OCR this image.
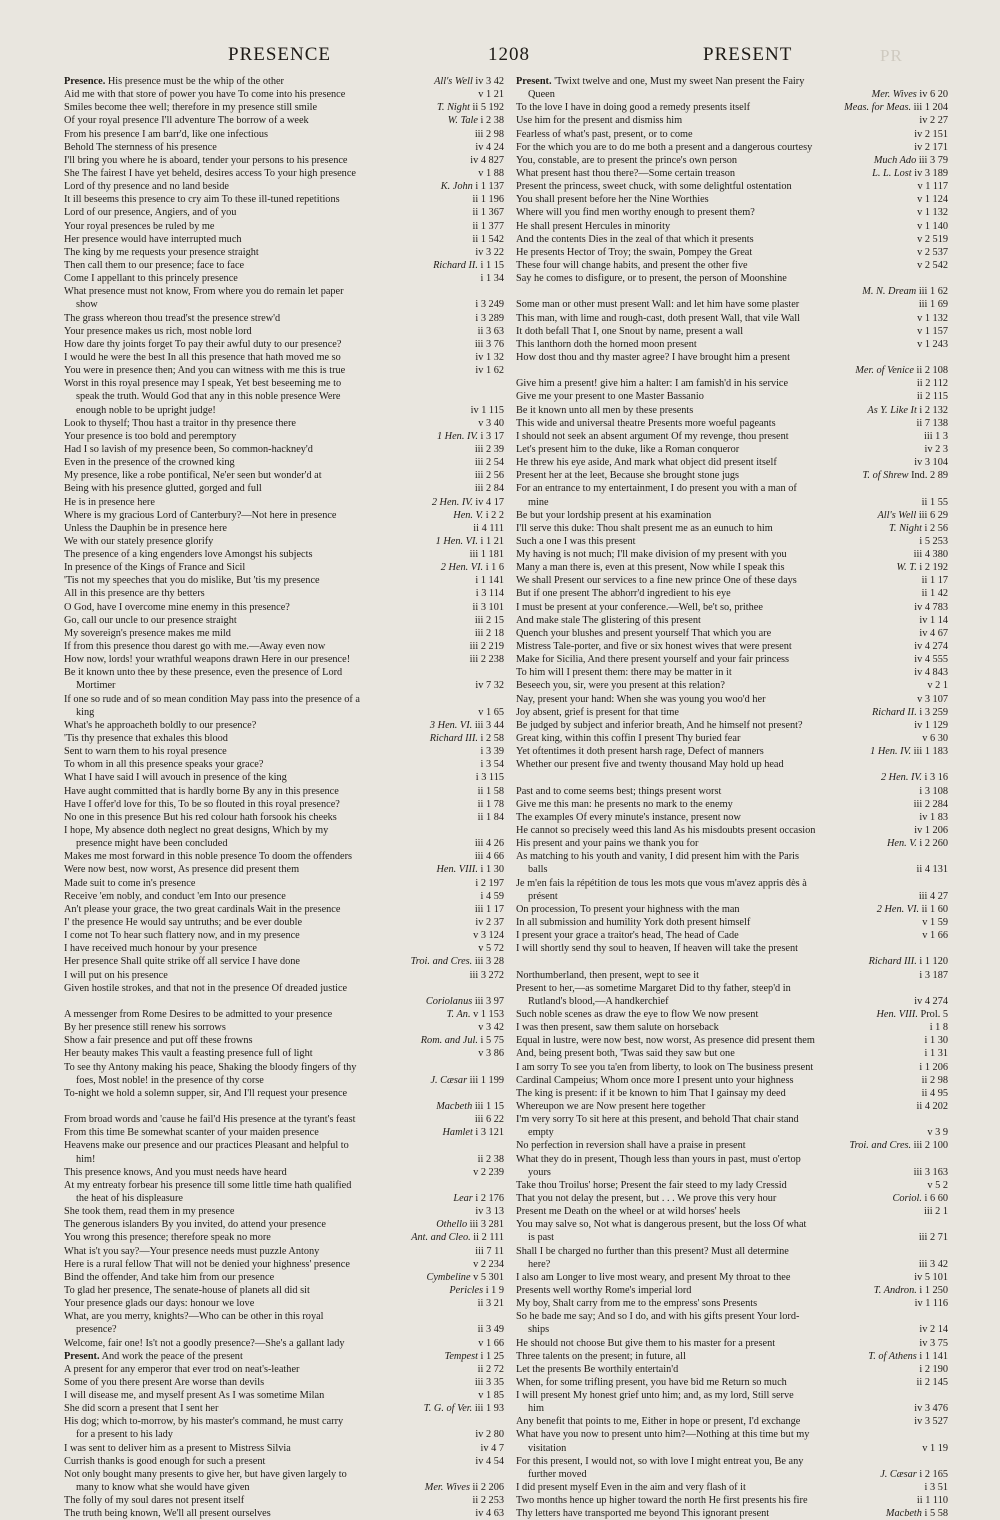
PRESENCE	1208	PRESENT	PR
Presence. His presence must be the whip of the other	All's Well iv 3 42
Aid me with that store of power you have To come into his presence	v 1 21
Smiles become thee well; therefore in my presence still smile	T. Night ii 5 192
Of your royal presence I'll adventure The borrow of a week	W. Tale i 2 38
From his presence I am barr'd, like one infectious	iii 2 98
Behold The sternness of his presence	iv 4 24
I'll bring you where he is aboard, tender your persons to his presence	iv 4 827
She The fairest I have yet beheld, desires access To your high presence	v 1 88
Lord of thy presence and no land beside	K. John i 1 137
It ill beseems this presence to cry aim To these ill-tuned repetitions	ii 1 196
Lord of our presence, Angiers, and of you	ii 1 367
Your royal presences be ruled by me	ii 1 377
Her presence would have interrupted much	ii 1 542
The king by me requests your presence straight	iv 3 22
Then call them to our presence; face to face	Richard II. i 1 15
Come I appellant to this princely presence	i 1 34
What presence must not know, From where you do remain let paper
show	i 3 249
The grass whereon thou tread'st the presence strew'd	i 3 289
Your presence makes us rich, most noble lord	ii 3 63
How dare thy joints forget To pay their awful duty to our presence?	iii 3 76
I would he were the best In all this presence that hath moved me so	iv 1 32
You were in presence then; And you can witness with me this is true	iv 1 62
Worst in this royal presence may I speak, Yet best beseeming me to
speak the truth. Would God that any in this noble presence Were
enough noble to be upright judge!	iv 1 115
Look to thyself; Thou hast a traitor in thy presence there	v 3 40
Your presence is too bold and peremptory	1 Hen. IV. i 3 17
Had I so lavish of my presence been, So common-hackney'd	iii 2 39
Even in the presence of the crowned king	iii 2 54
My presence, like a robe pontifical, Ne'er seen but wonder'd at	iii 2 56
Being with his presence glutted, gorged and full	iii 2 84
He is in presence here	2 Hen. IV. iv 4 17
Where is my gracious Lord of Canterbury?—Not here in presence	Hen. V. i 2 2
Unless the Dauphin be in presence here	ii 4 111
We with our stately presence glorify	1 Hen. VI. i 1 21
The presence of a king engenders love Amongst his subjects	iii 1 181
In presence of the Kings of France and Sicil	2 Hen. VI. i 1 6
'Tis not my speeches that you do mislike, But 'tis my presence	i 1 141
All in this presence are thy betters	i 3 114
O God, have I overcome mine enemy in this presence?	ii 3 101
Go, call our uncle to our presence straight	iii 2 15
My sovereign's presence makes me mild	iii 2 18
If from this presence thou darest go with me.—Away even now	iii 2 219
How now, lords! your wrathful weapons drawn Here in our presence!	iii 2 238
Be it known unto thee by these presence, even the presence of Lord
Mortimer	iv 7 32
If one so rude and of so mean condition May pass into the presence of a
king	v 1 65
What's he approacheth boldly to our presence?	3 Hen. VI. iii 3 44
'Tis thy presence that exhales this blood	Richard III. i 2 58
Sent to warn them to his royal presence	i 3 39
To whom in all this presence speaks your grace?	i 3 54
What I have said I will avouch in presence of the king	i 3 115
Have aught committed that is hardly borne By any in this presence	ii 1 58
Have I offer'd love for this, To be so flouted in this royal presence?	ii 1 78
No one in this presence But his red colour hath forsook his cheeks	ii 1 84
I hope, My absence doth neglect no great designs, Which by my
presence might have been concluded	iii 4 26
Makes me most forward in this noble presence To doom the offenders	iii 4 66
Were now best, now worst, As presence did present them	Hen. VIII. i 1 30
Made suit to come in's presence	i 2 197
Receive 'em nobly, and conduct 'em Into our presence	i 4 59
An't please your grace, the two great cardinals Wait in the presence	iii 1 17
I' the presence He would say untruths; and be ever double	iv 2 37
I come not To hear such flattery now, and in my presence	v 3 124
I have received much honour by your presence	v 5 72
Her presence Shall quite strike off all service I have done	Troi. and Cres. iii 3 28
I will put on his presence	iii 3 272
Given hostile strokes, and that not in the presence Of dreaded justice
Coriolanus iii 3 97
A messenger from Rome Desires to be admitted to your presence	T. An. v 1 153
By her presence still renew his sorrows	v 3 42
Show a fair presence and put off these frowns	Rom. and Jul. i 5 75
Her beauty makes This vault a feasting presence full of light	v 3 86
To see thy Antony making his peace, Shaking the bloody fingers of thy
foes, Most noble! in the presence of thy corse	J. Cæsar iii 1 199
To-night we hold a solemn supper, sir, And I'll request your presence
Macbeth iii 1 15
From broad words and 'cause he fail'd His presence at the tyrant's feast	iii 6 22
From this time Be somewhat scanter of your maiden presence	Hamlet i 3 121
Heavens make our presence and our practices Pleasant and helpful to
him!	ii 2 38
This presence knows, And you must needs have heard	v 2 239
At my entreaty forbear his presence till some little time hath qualified
the heat of his displeasure	Lear i 2 176
She took them, read them in my presence	iv 3 13
The generous islanders By you invited, do attend your presence	Othello iii 3 281
You wrong this presence; therefore speak no more	Ant. and Cleo. ii 2 111
What is't you say?—Your presence needs must puzzle Antony	iii 7 11
Here is a rural fellow That will not be denied your highness' presence	v 2 234
Bind the offender, And take him from our presence	Cymbeline v 5 301
To glad her presence, The senate-house of planets all did sit	Pericles i 1 9
Your presence glads our days: honour we love	ii 3 21
What, are you merry, knights?—Who can be other in this royal
presence?	ii 3 49
Welcome, fair one! Is't not a goodly presence?—She's a gallant lady	v 1 66
Present. And work the peace of the present	Tempest i 1 25
A present for any emperor that ever trod on neat's-leather	ii 2 72
Some of you there present Are worse than devils	iii 3 35
I will disease me, and myself present As I was sometime Milan	v 1 85
She did scorn a present that I sent her	T. G. of Ver. iii 1 93
His dog; which to-morrow, by his master's command, he must carry
for a present to his lady	iv 2 80
I was sent to deliver him as a present to Mistress Silvia	iv 4 7
Currish thanks is good enough for such a present	iv 4 54
Not only bought many presents to give her, but have given largely to
many to know what she would have given	Mer. Wives ii 2 206
The folly of my soul dares not present itself	ii 2 253
The truth being known, We'll all present ourselves	iv 4 63
Present. 'Twixt twelve and one, Must my sweet Nan present the Fairy
Queen	Mer. Wives iv 6 20
To the love I have in doing good a remedy presents itself	Meas. for Meas. iii 1 204
Use him for the present and dismiss him	iv 2 27
Fearless of what's past, present, or to come	iv 2 151
For the which you are to do me both a present and a dangerous courtesy	iv 2 171
You, constable, are to present the prince's own person	Much Ado iii 3 79
What present hast thou there?—Some certain treason	L. L. Lost iv 3 189
Present the princess, sweet chuck, with some delightful ostentation	v 1 117
You shall present before her the Nine Worthies	v 1 124
Where will you find men worthy enough to present them?	v 1 132
He shall present Hercules in minority	v 1 140
And the contents Dies in the zeal of that which it presents	v 2 519
He presents Hector of Troy; the swain, Pompey the Great	v 2 537
These four will change habits, and present the other five	v 2 542
Say he comes to disfigure, or to present, the person of Moonshine
M. N. Dream iii 1 62
Some man or other must present Wall: and let him have some plaster	iii 1 69
This man, with lime and rough-cast, doth present Wall, that vile Wall	v 1 132
It doth befall That I, one Snout by name, present a wall	v 1 157
This lanthorn doth the horned moon present	v 1 243
How dost thou and thy master agree? I have brought him a present
Mer. of Venice ii 2 108
Give him a present! give him a halter: I am famish'd in his service	ii 2 112
Give me your present to one Master Bassanio	ii 2 115
Be it known unto all men by these presents	As Y. Like It i 2 132
This wide and universal theatre Presents more woeful pageants	ii 7 138
I should not seek an absent argument Of my revenge, thou present	iii 1 3
Let's present him to the duke, like a Roman conqueror	iv 2 3
He threw his eye aside, And mark what object did present itself	iv 3 104
Present her at the leet, Because she brought stone jugs	T. of Shrew Ind. 2 89
For an entrance to my entertainment, I do present you with a man of
mine	ii 1 55
Be but your lordship present at his examination	All's Well iii 6 29
I'll serve this duke: Thou shalt present me as an eunuch to him	T. Night i 2 56
Such a one I was this present	i 5 253
My having is not much; I'll make division of my present with you	iii 4 380
Many a man there is, even at this present, Now while I speak this	W. T. i 2 192
We shall Present our services to a fine new prince One of these days	ii 1 17
But if one present The abhorr'd ingredient to his eye	ii 1 42
I must be present at your conference.—Well, be't so, prithee	iv 4 783
And make stale The glistering of this present	iv 1 14
Quench your blushes and present yourself That which you are	iv 4 67
Mistress Tale-porter, and five or six honest wives that were present	iv 4 274
Make for Sicilia, And there present yourself and your fair princess	iv 4 555
To him will I present them: there may be matter in it	iv 4 843
Beseech you, sir, were you present at this relation?	v 2 1
Nay, present your hand: When she was young you woo'd her	v 3 107
Joy absent, grief is present for that time	Richard II. i 3 259
Be judged by subject and inferior breath, And he himself not present?	iv 1 129
Great king, within this coffin I present Thy buried fear	v 6 30
Yet oftentimes it doth present harsh rage, Defect of manners	1 Hen. IV. iii 1 183
Whether our present five and twenty thousand May hold up head
2 Hen. IV. i 3 16
Past and to come seems best; things present worst	i 3 108
Give me this man: he presents no mark to the enemy	iii 2 284
The examples Of every minute's instance, present now	iv 1 83
He cannot so precisely weed this land As his misdoubts present occasion	iv 1 206
His present and your pains we thank you for	Hen. V. i 2 260
As matching to his youth and vanity, I did present him with the Paris
balls	ii 4 131
Je m'en fais la répétition de tous les mots que vous m'avez appris dès à
présent	iii 4 27
On procession, To present your highness with the man	2 Hen. VI. ii 1 60
In all submission and humility York doth present himself	v 1 59
I present your grace a traitor's head, The head of Cade	v 1 66
I will shortly send thy soul to heaven, If heaven will take the present
Richard III. i 1 120
Northumberland, then present, wept to see it	i 3 187
Present to her,—as sometime Margaret Did to thy father, steep'd in
Rutland's blood,—A handkerchief	iv 4 274
Such noble scenes as draw the eye to flow We now present	Hen. VIII. Prol. 5
I was then present, saw them salute on horseback	i 1 8
Equal in lustre, were now best, now worst, As presence did present them	i 1 30
And, being present both, 'Twas said they saw but one	i 1 31
I am sorry To see you ta'en from liberty, to look on The business present	i 1 206
Cardinal Campeius; Whom once more I present unto your highness	ii 2 98
The king is present: if it be known to him That I gainsay my deed	ii 4 95
Whereupon we are Now present here together	ii 4 202
I'm very sorry To sit here at this present, and behold That chair stand
empty	v 3 9
No perfection in reversion shall have a praise in present	Troi. and Cres. iii 2 100
What they do in present, Though less than yours in past, must o'ertop
yours	iii 3 163
Take thou Troilus' horse; Present the fair steed to my lady Cressid	v 5 2
That you not delay the present, but . . . We prove this very hour	Coriol. i 6 60
Present me Death on the wheel or at wild horses' heels	iii 2 1
You may salve so, Not what is dangerous present, but the loss Of what
is past	iii 2 71
Shall I be charged no further than this present? Must all determine
here?	iii 3 42
I also am Longer to live most weary, and present My throat to thee	iv 5 101
Presents well worthy Rome's imperial lord	T. Andron. i 1 250
My boy, Shalt carry from me to the empress' sons Presents	iv 1 116
So he bade me say; And so I do, and with his gifts present Your lord-
ships	iv 2 14
He should not choose But give them to his master for a present	iv 3 75
Three talents on the present; in future, all	T. of Athens i 1 141
Let the presents Be worthily entertain'd	i 2 190
When, for some trifling present, you have bid me Return so much	ii 2 145
I will present My honest grief unto him; and, as my lord, Still serve
him	iv 3 476
Any benefit that points to me, Either in hope or present, I'd exchange	iv 3 527
What have you now to present unto him?—Nothing at this time but my
visitation	v 1 19
For this present, I would not, so with love I might entreat you, Be any
further moved	J. Cæsar i 2 165
I did present myself Even in the aim and very flash of it	i 3 51
Two months hence up higher toward the north He first presents his fire	ii 1 110
Thy letters have transported me beyond This ignorant present	Macbeth i 5 58
